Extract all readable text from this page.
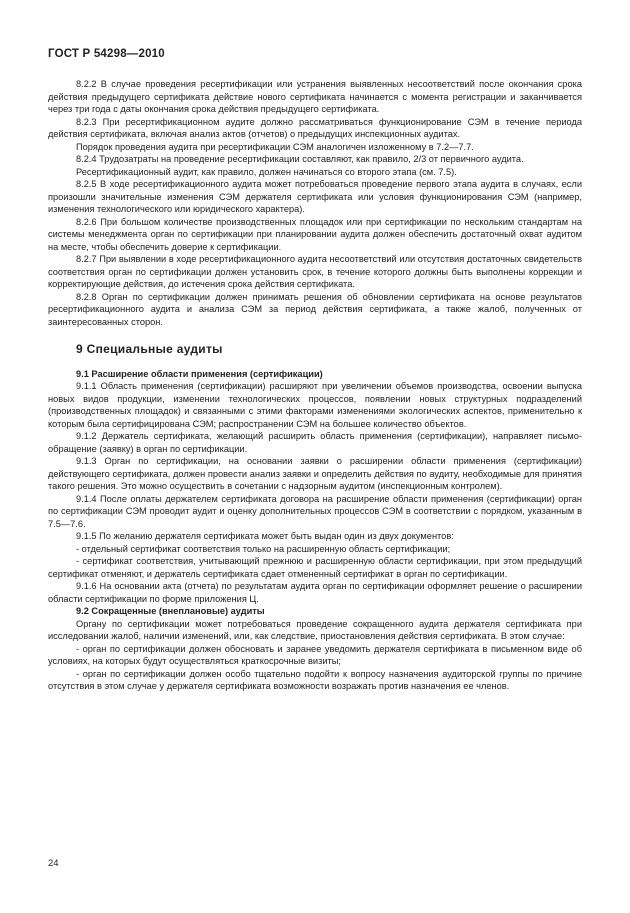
ГОСТ Р 54298—2010

8.2.2 В случае проведения ресертификации или устранения выявленных несоответствий после окончания срока действия предыдущего сертификата действие нового сертификата начинается с момента регистрации и заканчивается через три года с даты окончания срока действия предыдущего сертификата.

8.2.3 При ресертификационном аудите должно рассматриваться функционирование СЭМ в течение периода действия сертификата, включая анализ актов (отчетов) о предыдущих инспекционных аудитах.

Порядок проведения аудита при ресертификации СЭМ аналогичен изложенному в 7.2—7.7.

8.2.4 Трудозатраты на проведение ресертификации составляют, как правило, 2/3 от первичного аудита.

Ресертификационный аудит, как правило, должен начинаться со второго этапа (см. 7.5).

8.2.5 В ходе ресертификационного аудита может потребоваться проведение первого этапа аудита в случаях, если произошли значительные изменения СЭМ держателя сертификата или условия функционирования СЭМ (например, изменения технологического или юридического характера).

8.2.6 При большом количестве производственных площадок или при сертификации по нескольким стандартам на системы менеджмента орган по сертификации при планировании аудита должен обеспечить достаточный охват аудитом на месте, чтобы обеспечить доверие к сертификации.

8.2.7 При выявлении в ходе ресертификационного аудита несоответствий или отсутствия достаточных свидетельств соответствия орган по сертификации должен установить срок, в течение которого должны быть выполнены коррекции и корректирующие действия, до истечения срока действия сертификата.

8.2.8 Орган по сертификации должен принимать решения об обновлении сертификата на основе результатов ресертификационного аудита и анализа СЭМ за период действия сертификата, а также жалоб, полученных от заинтересованных сторон.

9 Специальные аудиты
9.1 Расширение области применения (сертификации)

9.1.1 Область применения (сертификации) расширяют при увеличении объемов производства, освоении выпуска новых видов продукции, изменении технологических процессов, появлении новых структурных подразделений (производственных площадок) и связанными с этими факторами изменениями экологических аспектов, применительно к которым была сертифицирована СЭМ; распространении СЭМ на большее количество объектов.

9.1.2 Держатель сертификата, желающий расширить область применения (сертификации), направляет письмо-обращение (заявку) в орган по сертификации.

9.1.3 Орган по сертификации, на основании заявки о расширении области применения (сертификации) действующего сертификата, должен провести анализ заявки и определить действия по аудиту, необходимые для принятия такого решения. Это можно осуществить в сочетании с надзорным аудитом (инспекционным контролем).

9.1.4 После оплаты держателем сертификата договора на расширение области применения (сертификации) орган по сертификации СЭМ проводит аудит и оценку дополнительных процессов СЭМ в соответствии с порядком, указанным в 7.5—7.6.

9.1.5 По желанию держателя сертификата может быть выдан один из двух документов:

- отдельный сертификат соответствия только на расширенную область сертификации;

- сертификат соответствия, учитывающий прежнюю и расширенную области сертификации, при этом предыдущий сертификат отменяют, и держатель сертификата сдает отмененный сертификат в орган по сертификации.

9.1.6 На основании акта (отчета) по результатам аудита орган по сертификации оформляет решение о расширении области сертификации по форме приложения Ц.

9.2 Сокращенные (внеплановые) аудиты

Органу по сертификации может потребоваться проведение сокращенного аудита держателя сертификата при исследовании жалоб, наличии изменений, или, как следствие, приостановления действия сертификата. В этом случае:

- орган по сертификации должен обосновать и заранее уведомить держателя сертификата в письменном виде об условиях, на которых будут осуществляться краткосрочные визиты;

- орган по сертификации должен особо тщательно подойти к вопросу назначения аудиторской группы по причине отсутствия в этом случае у держателя сертификата возможности возражать против назначения ее членов.

24
